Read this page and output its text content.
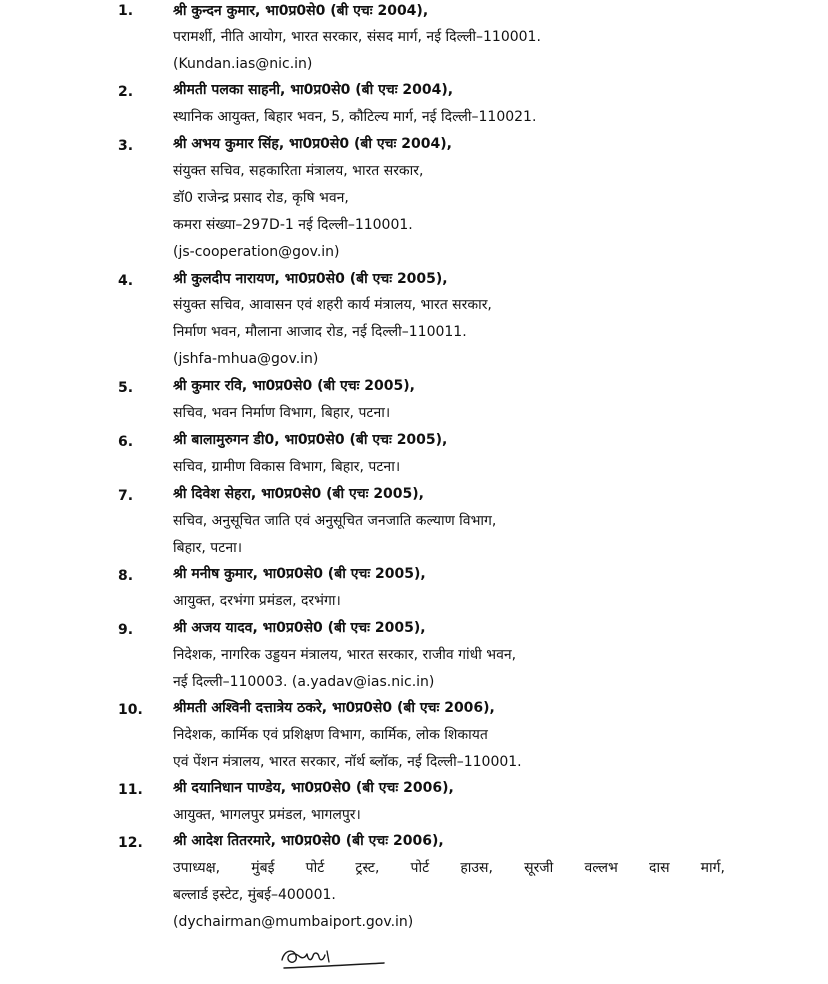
1.	श्री कुन्दन कुमार, भा0प्र0से0 (बी एचः 2004),
परामर्शी, नीति आयोग, भारत सरकार, संसद मार्ग, नई दिल्ली–110001.
(Kundan.ias@nic.in)
2.	श्रीमती पलका साहनी, भा0प्र0से0 (बी एचः 2004),
स्थानिक आयुक्त, बिहार भवन, 5, कौटिल्य मार्ग, नई दिल्ली–110021.
3.	श्री अभय कुमार सिंह, भा0प्र0से0 (बी एचः 2004),
संयुक्त सचिव, सहकारिता मंत्रालय, भारत सरकार,
डॉ0 राजेन्द्र प्रसाद रोड, कृषि भवन,
कमरा संख्या–297D-1 नई दिल्ली–110001.
(js-cooperation@gov.in)
4.	श्री कुलदीप नारायण, भा0प्र0से0 (बी एचः 2005),
संयुक्त सचिव, आवासन एवं शहरी कार्य मंत्रालय, भारत सरकार,
निर्माण भवन, मौलाना आजाद रोड, नई दिल्ली–110011.
(jshfa-mhua@gov.in)
5.	श्री कुमार रवि, भा0प्र0से0 (बी एचः 2005),
सचिव, भवन निर्माण विभाग, बिहार, पटना।
6.	श्री बालामुरुगन डी0, भा0प्र0से0 (बी एचः 2005),
सचिव, ग्रामीण विकास विभाग, बिहार, पटना।
7.	श्री दिवेश सेहरा, भा0प्र0से0 (बी एचः 2005),
सचिव, अनुसूचित जाति एवं अनुसूचित जनजाति कल्याण विभाग,
बिहार, पटना।
8.	श्री मनीष कुमार, भा0प्र0से0 (बी एचः 2005),
आयुक्त, दरभंगा प्रमंडल, दरभंगा।
9.	श्री अजय यादव, भा0प्र0से0 (बी एचः 2005),
निदेशक, नागरिक उड्डयन मंत्रालय, भारत सरकार, राजीव गांधी भवन,
नई दिल्ली–110003. (a.yadav@ias.nic.in)
10.	श्रीमती अश्विनी दत्तात्रेय ठकरे, भा0प्र0से0 (बी एचः 2006),
निदेशक, कार्मिक एवं प्रशिक्षण विभाग, कार्मिक, लोक शिकायत
एवं पेंशन मंत्रालय, भारत सरकार, नॉर्थ ब्लॉक, नई दिल्ली–110001.
11.	श्री दयानिधान पाण्डेय, भा0प्र0से0 (बी एचः 2006),
आयुक्त, भागलपुर प्रमंडल, भागलपुर।
12.	श्री आदेश तितरमारे, भा0प्र0से0 (बी एचः 2006),
उपाध्यक्ष, मुंबई पोर्ट ट्रस्ट, पोर्ट हाउस, सूरजी वल्लभ दास मार्ग,
बल्लार्ड इस्टेट, मुंबई–400001.
(dychairman@mumbaiport.gov.in)
